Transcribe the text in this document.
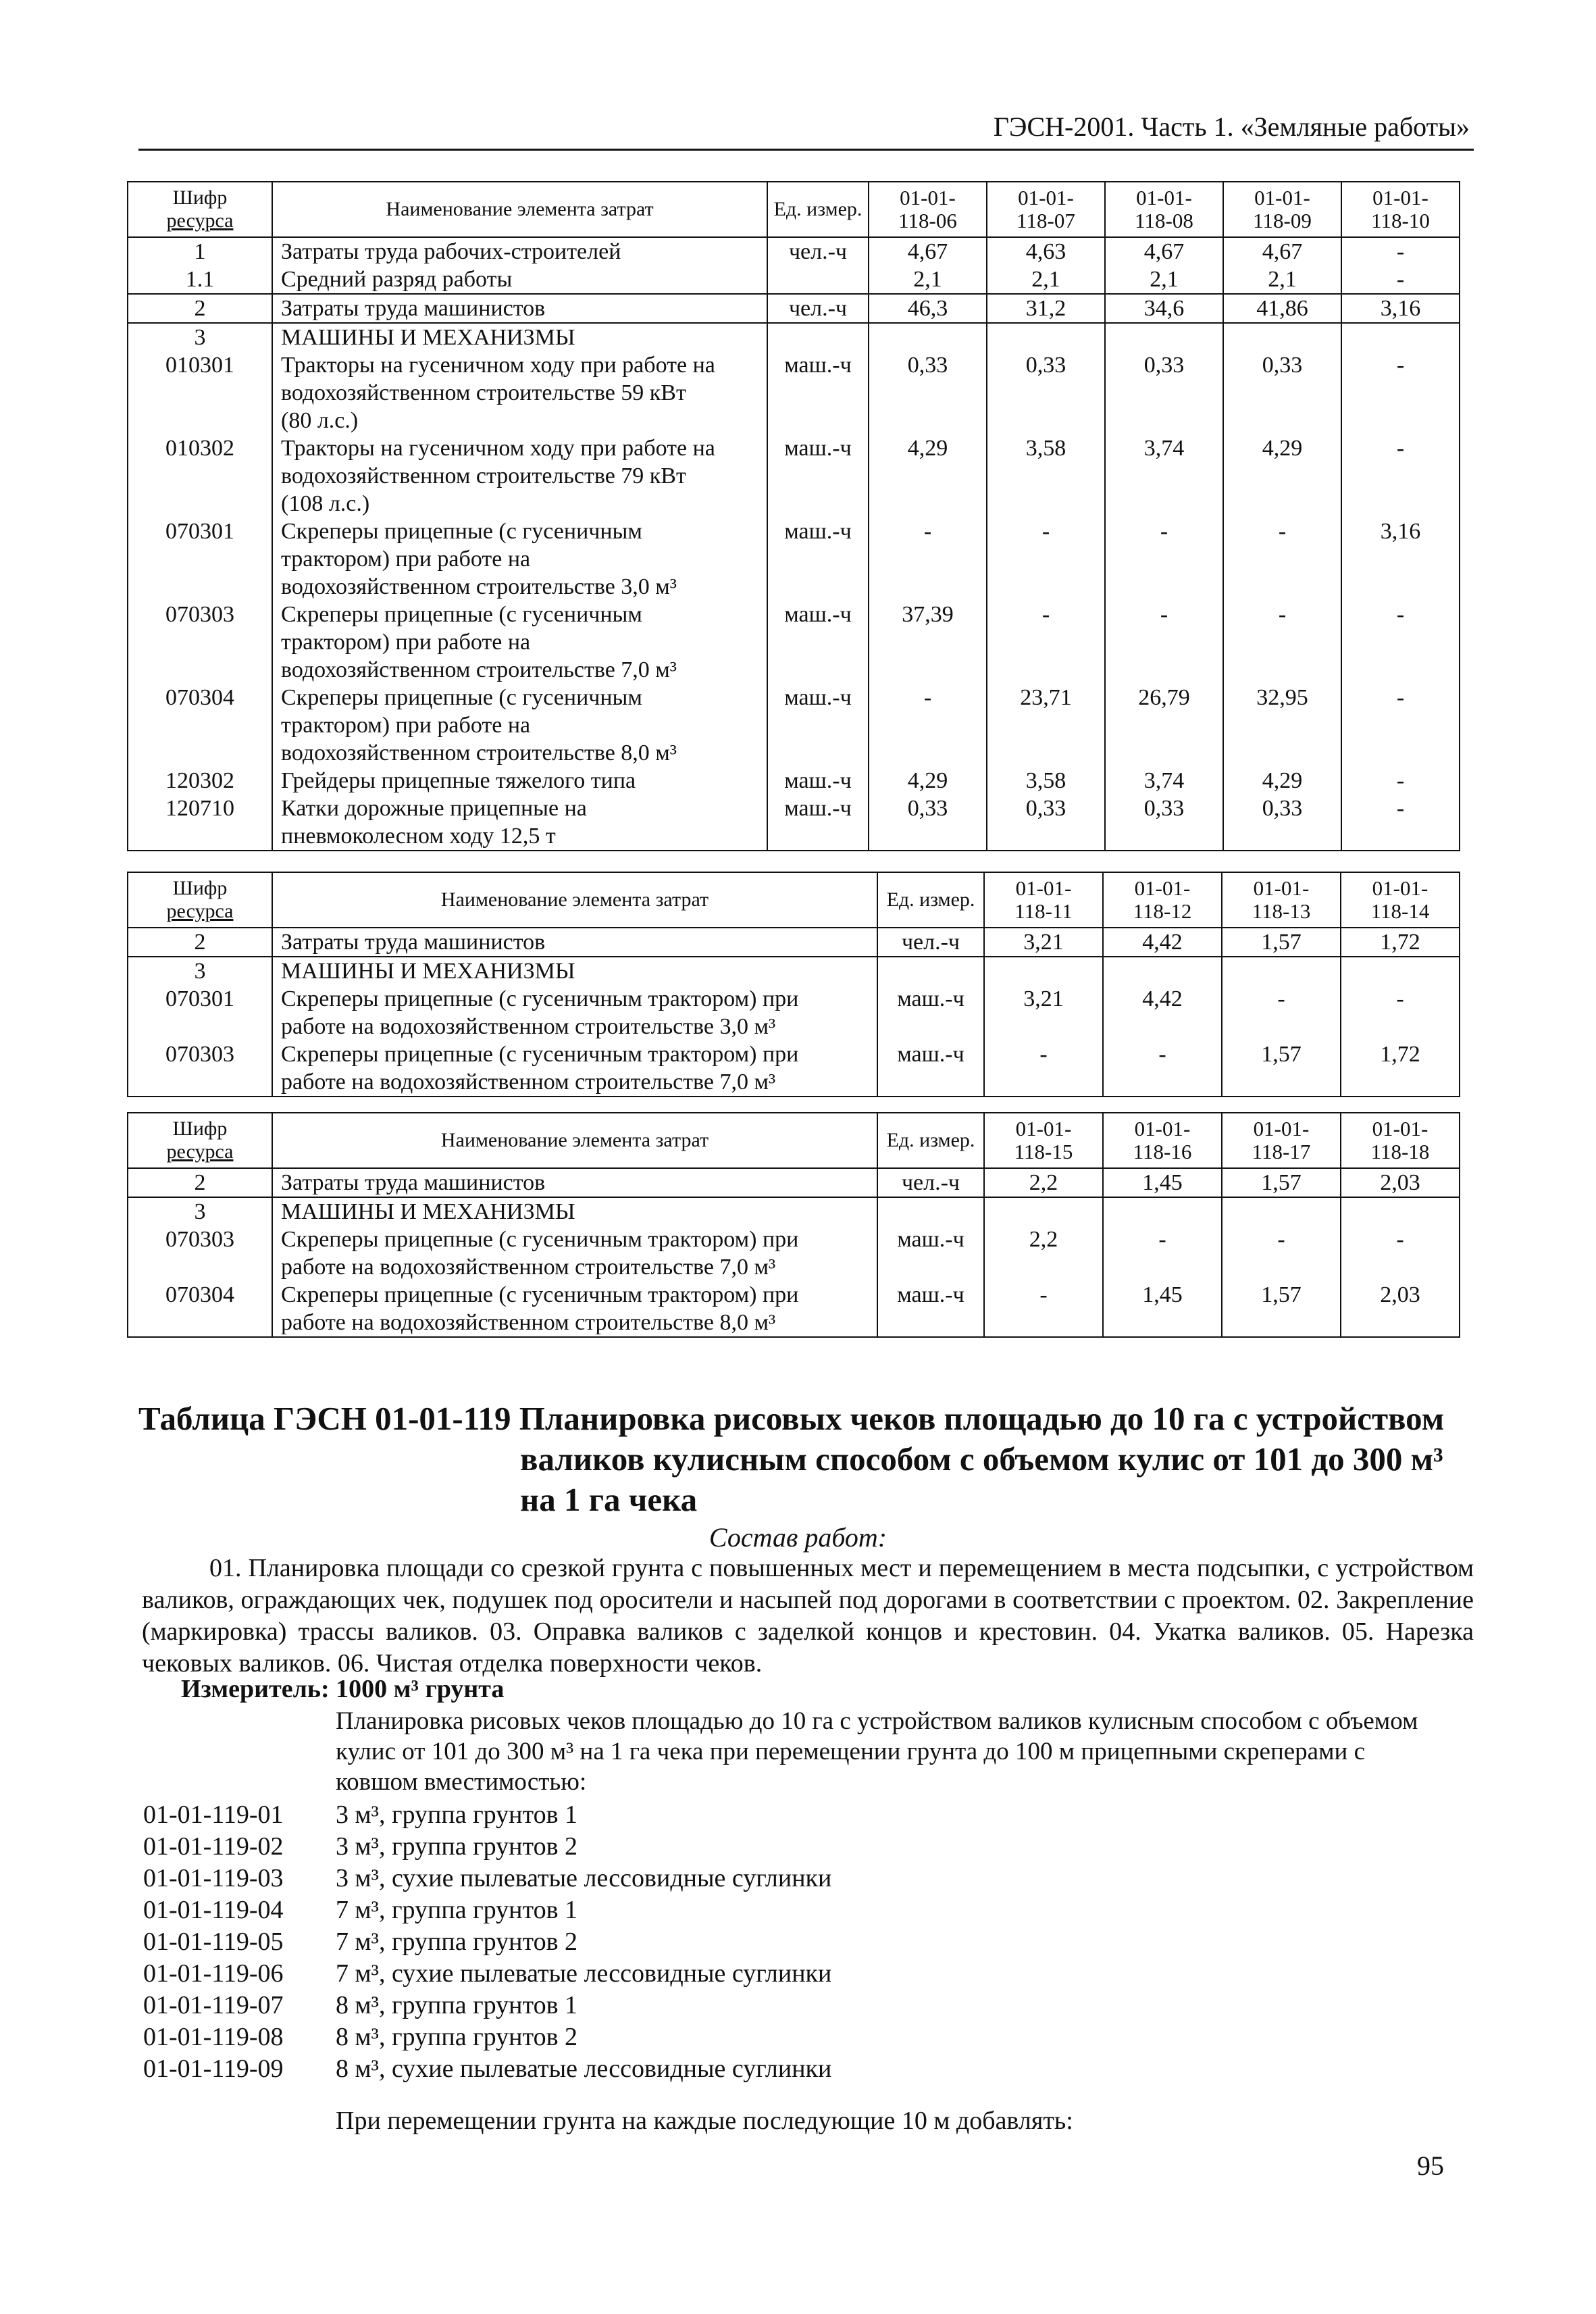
ГЭСН-2001. Часть 1. «Земляные работы»
Шифр
ресурса	Наименование элемента затрат	Ед. измер.	01-01-
118-06	01-01-
118-07	01-01-
118-08	01-01-
118-09	01-01-
118-10
1	Затраты труда рабочих-строителей	чел.-ч	4,67	4,63	4,67	4,67	-
1.1	Средний разряд работы		2,1	2,1	2,1	2,1	-
2	Затраты труда машинистов	чел.-ч	46,3	31,2	34,6	41,86	3,16
3	МАШИНЫ И МЕХАНИЗМЫ						
010301	Тракторы на гусеничном ходу при работе на
водохозяйственном строительстве 59 кВт
(80 л.с.)	маш.-ч	0,33	0,33	0,33	0,33	-
010302	Тракторы на гусеничном ходу при работе на
водохозяйственном строительстве 79 кВт
(108 л.с.)	маш.-ч	4,29	3,58	3,74	4,29	-
070301	Скреперы прицепные (с гусеничным
трактором) при работе на
водохозяйственном строительстве 3,0 м³	маш.-ч	-	-	-	-	3,16
070303	Скреперы прицепные (с гусеничным
трактором) при работе на
водохозяйственном строительстве 7,0 м³	маш.-ч	37,39	-	-	-	-
070304	Скреперы прицепные (с гусеничным
трактором) при работе на
водохозяйственном строительстве 8,0 м³	маш.-ч	-	23,71	26,79	32,95	-
120302	Грейдеры прицепные тяжелого типа	маш.-ч	4,29	3,58	3,74	4,29	-
120710	Катки дорожные прицепные на
пневмоколесном ходу 12,5 т	маш.-ч	0,33	0,33	0,33	0,33	-
Шифр
ресурса	Наименование элемента затрат	Ед. измер.	01-01-
118-11	01-01-
118-12	01-01-
118-13	01-01-
118-14
2	Затраты труда машинистов	чел.-ч	3,21	4,42	1,57	1,72
3	МАШИНЫ И МЕХАНИЗМЫ					
070301	Скреперы прицепные (с гусеничным трактором) при
работе на водохозяйственном строительстве 3,0 м³	маш.-ч	3,21	4,42	-	-
070303	Скреперы прицепные (с гусеничным трактором) при
работе на водохозяйственном строительстве 7,0 м³	маш.-ч	-	-	1,57	1,72
Шифр
ресурса	Наименование элемента затрат	Ед. измер.	01-01-
118-15	01-01-
118-16	01-01-
118-17	01-01-
118-18
2	Затраты труда машинистов	чел.-ч	2,2	1,45	1,57	2,03
3	МАШИНЫ И МЕХАНИЗМЫ					
070303	Скреперы прицепные (с гусеничным трактором) при
работе на водохозяйственном строительстве 7,0 м³	маш.-ч	2,2	-	-	-
070304	Скреперы прицепные (с гусеничным трактором) при
работе на водохозяйственном строительстве 8,0 м³	маш.-ч	-	1,45	1,57	2,03
Таблица ГЭСН 01-01-119 Планировка рисовых чеков площадью до 10 га с устройством
валиков кулисным способом с объемом кулис от 101 до 300 м³
на 1 га чека
Состав работ:
01. Планировка площади со срезкой грунта с повышенных мест и перемещением в места подсыпки, с устройством валиков, ограждающих чек, подушек под оросители и насыпей под дорогами в соответствии с проектом. 02. Закрепление (маркировка) трассы валиков. 03. Оправка валиков с заделкой концов и крестовин. 04. Укатка валиков. 05. Нарезка чековых валиков. 06. Чистая отделка поверхности чеков.
Измеритель: 1000 м³ грунта
Планировка рисовых чеков площадью до 10 га с устройством валиков кулисным способом с объемом кулис от 101 до 300 м³ на 1 га чека при перемещении грунта до 100 м прицепными скреперами с ковшом вместимостью:
01-01-119-01	3 м³, группа грунтов 1
01-01-119-02	3 м³, группа грунтов 2
01-01-119-03	3 м³, сухие пылеватые лессовидные суглинки
01-01-119-04	7 м³, группа грунтов 1
01-01-119-05	7 м³, группа грунтов 2
01-01-119-06	7 м³, сухие пылеватые лессовидные суглинки
01-01-119-07	8 м³, группа грунтов 1
01-01-119-08	8 м³, группа грунтов 2
01-01-119-09	8 м³, сухие пылеватые лессовидные суглинки
При перемещении грунта на каждые последующие 10 м добавлять:
95
